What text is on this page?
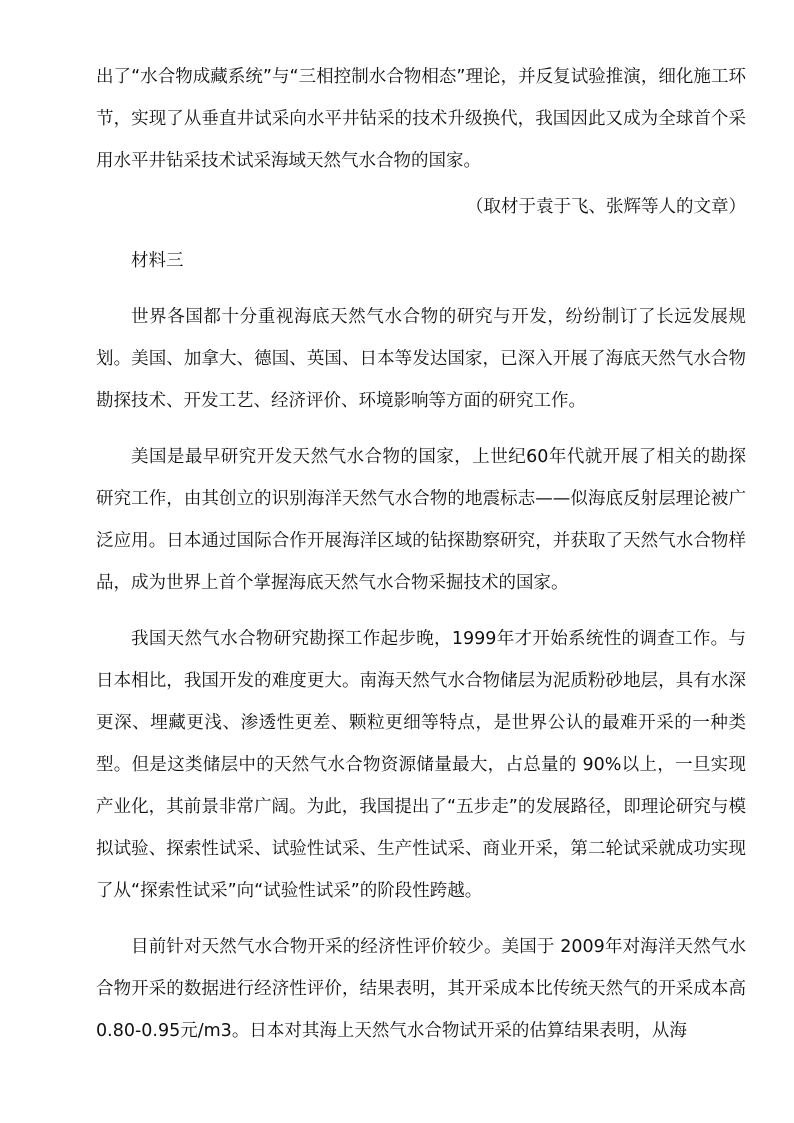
出了“水合物成藏系统”与“三相控制水合物相态”理论，并反复试验推演，细化施工环节，实现了从垂直井试采向水平井钻采的技术升级换代，我国因此又成为全球首个采用水平井钻采技术试采海域天然气水合物的国家。

（取材于袁于飞、张辉等人的文章）

材料三

世界各国都十分重视海底天然气水合物的研究与开发，纷纷制订了长远发展规划。美国、加拿大、德国、英国、日本等发达国家，已深入开展了海底天然气水合物勘探技术、开发工艺、经济评价、环境影响等方面的研究工作。

美国是最早研究开发天然气水合物的国家，上世纪60年代就开展了相关的勘探研究工作，由其创立的识别海洋天然气水合物的地震标志——似海底反射层理论被广泛应用。日本通过国际合作开展海洋区域的钻探勘察研究，并获取了天然气水合物样品，成为世界上首个掌握海底天然气水合物采掘技术的国家。

我国天然气水合物研究勘探工作起步晚，1999年才开始系统性的调查工作。与日本相比，我国开发的难度更大。南海天然气水合物储层为泥质粉砂地层，具有水深更深、埋藏更浅、渗透性更差、颗粒更细等特点，是世界公认的最难开采的一种类型。但是这类储层中的天然气水合物资源储量最大，占总量的 90%以上，一旦实现产业化，其前景非常广阔。为此，我国提出了“五步走”的发展路径，即理论研究与模拟试验、探索性试采、试验性试采、生产性试采、商业开采，第二轮试采就成功实现了从“探索性试采”向“试验性试采”的阶段性跨越。

目前针对天然气水合物开采的经济性评价较少。美国于 2009年对海洋天然气水合物开采的数据进行经济性评价，结果表明，其开采成本比传统天然气的开采成本高 0.80-0.95元/m3。日本对其海上天然气水合物试开采的估算结果表明，从海
